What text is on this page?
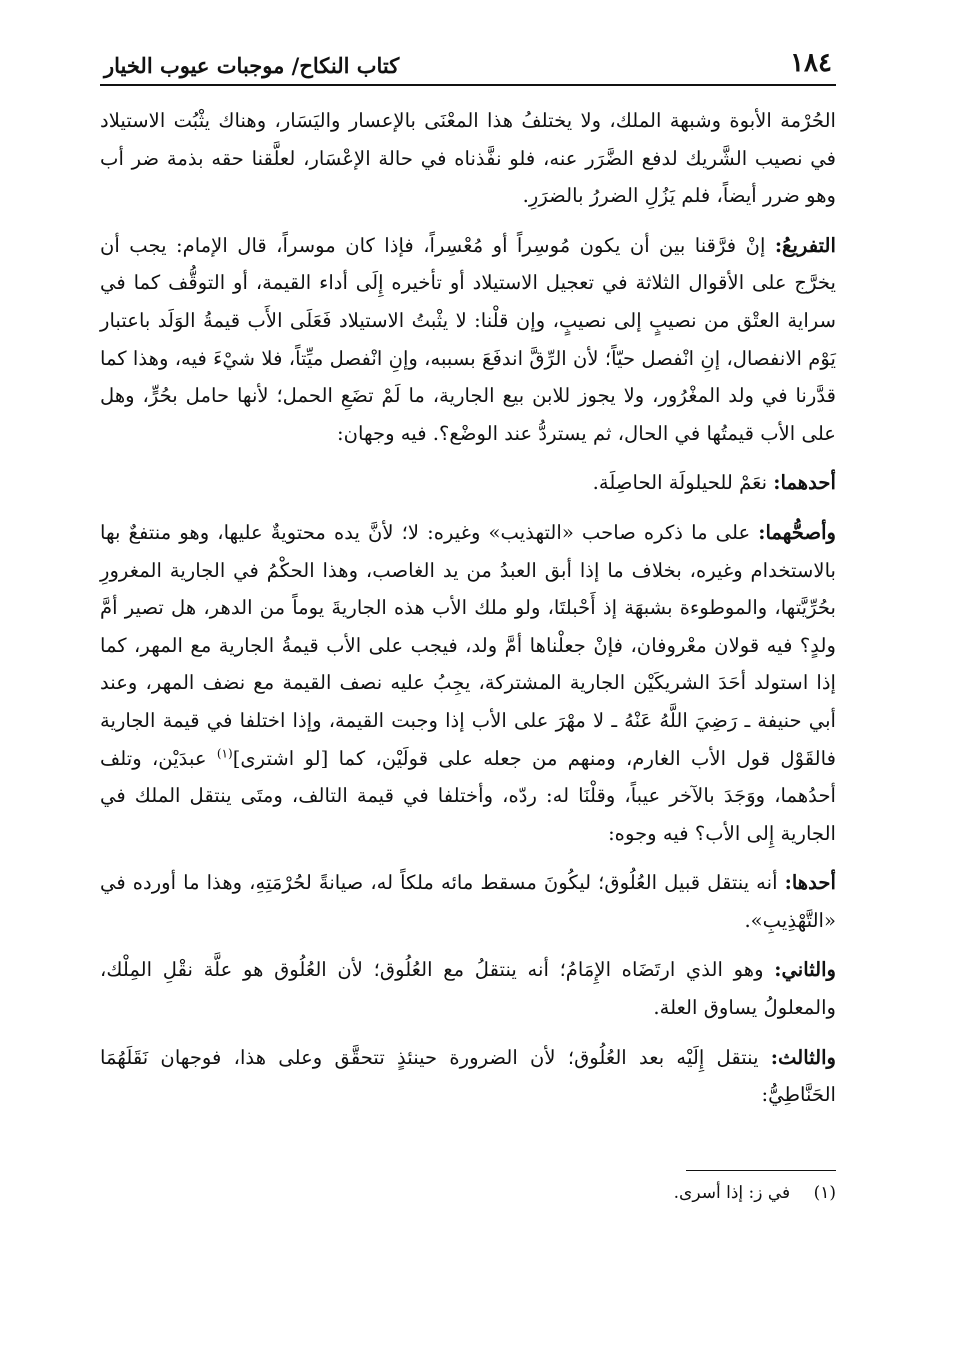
١٨٤
كتاب النكاح/ موجبات عيوب الخيار

الحُرْمة الأبوة وشبهة الملك، ولا يختلفُ هذا المعْنَى بالإعسار واليَسَار، وهناك يثْبُت الاستيلاد في نصيب الشَّريك لدفع الضَّرَر عنه، فلو نفَّذناه في حالة الإعْسَار، لعلَّقنا حقه بذمة ضر أب وهو ضرر أيضاً، فلم يَزُلِ الضررُ بالضرَرِ.

التفريعُ: إنْ فرَّقنا بين أن يكون مُوسِراً أو مُعْسِراً، فإذا كان موسراً، قال الإمام: يجب أن يخرَّج على الأقوال الثلاثة في تعجيل الاستيلاد أو تأخيره إِلَى أداء القيمة، أو التوقُّف كما في سراية العتْق من نصيبٍ إلى نصيبٍ، وإن قلْنا: لا يثْبتُ الاستيلاد فَعَلَى الأَب قيمةُ الوَلَد باعتبار يَوْم الانفصال، إنِ انْفصل حيّاً؛ لأن الرِّقَّ اندفَعَ بسببه، وإنِ انْفصل ميِّتاً، فلا شيْءَ فيه، وهذا كما قدَّرنا في ولد المغْرُور، ولا يجوز للابن بيع الجارية، ما لَمْ تضَعِ الحمل؛ لأنها حامل بحُرٍّ، وهل على الأب قيمتُها في الحال، ثم يستردُّ عند الوضْع؟. فيه وجهان:

أحدهما: نعَمْ للحيلولَة الحاصِلَة.

وأصحُّهما: على ما ذكره صاحب «التهذيب» وغيره: لا؛ لأنَّ يده محتويةٌ عليها، وهو منتفعٌ بها بالاستخدام وغيره، بخلاف ما إذا أبق العبدُ من يد الغاصب، وهذا الحكْمُ في الجارية المغرورِ بحُرِّيَّتها، والموطوءة بشبهَة إذ أَحْبلتَا، ولو ملك الأب هذه الجاريةَ يوماً من الدهر، هل تصير أمَّ ولدٍ؟ فيه قولان معْروفان، فإنْ جعلْناها أمَّ ولد، فيجب على الأب قيمةُ الجارية مع المهر، كما إذا استولد أحَدَ الشريكَيْن الجارية المشتركة، يجِبُ عليه نصف القيمة مع نضف المهر، وعند أبي حنيفة ـ رَضِيَ اللَّهُ عَنْهُ ـ لا مهْرَ على الأب إذا وجبت القيمة، وإذا اختلفا في قيمة الجارية فالقَوْل قول الأب الغارم، ومنهم من جعله على قولَيْن، كما [لو اشترى]$^{(١)}$ عبدَيْن، وتلف أحدُهما، ووَجَدَ بالآخر عيباً، وقلْنَا له: ردّه، وأختلفا في قيمة التالف، ومتَى ينتقل الملك في الجارية إِلى الأب؟ فيه وجوه:

أحدها: أنه ينتقل قبيل العُلُوق؛ ليكُونَ مسقط مائه ملكاً له، صيانةً لحُرْمَتِهِ، وهذا ما أورده في «التَّهْذِيبِ».

والثاني: وهو الذي ارتَضَاه الإِمَامُ؛ أنه ينتقلُ مع العُلُوق؛ لأن العُلُوق هو علَّة نقْلِ المِلْك، والمعلولُ يساوق العلة.

والثالث: ينتقل إِلَيْه بعد العُلُوق؛ لأن الضرورة حينئذٍ تتحقَّق وعلى هذا، فوجهان نَقَلَهُمَا الحَنَّاطِيُّ:

(١) في ز: إذا أسرى.
